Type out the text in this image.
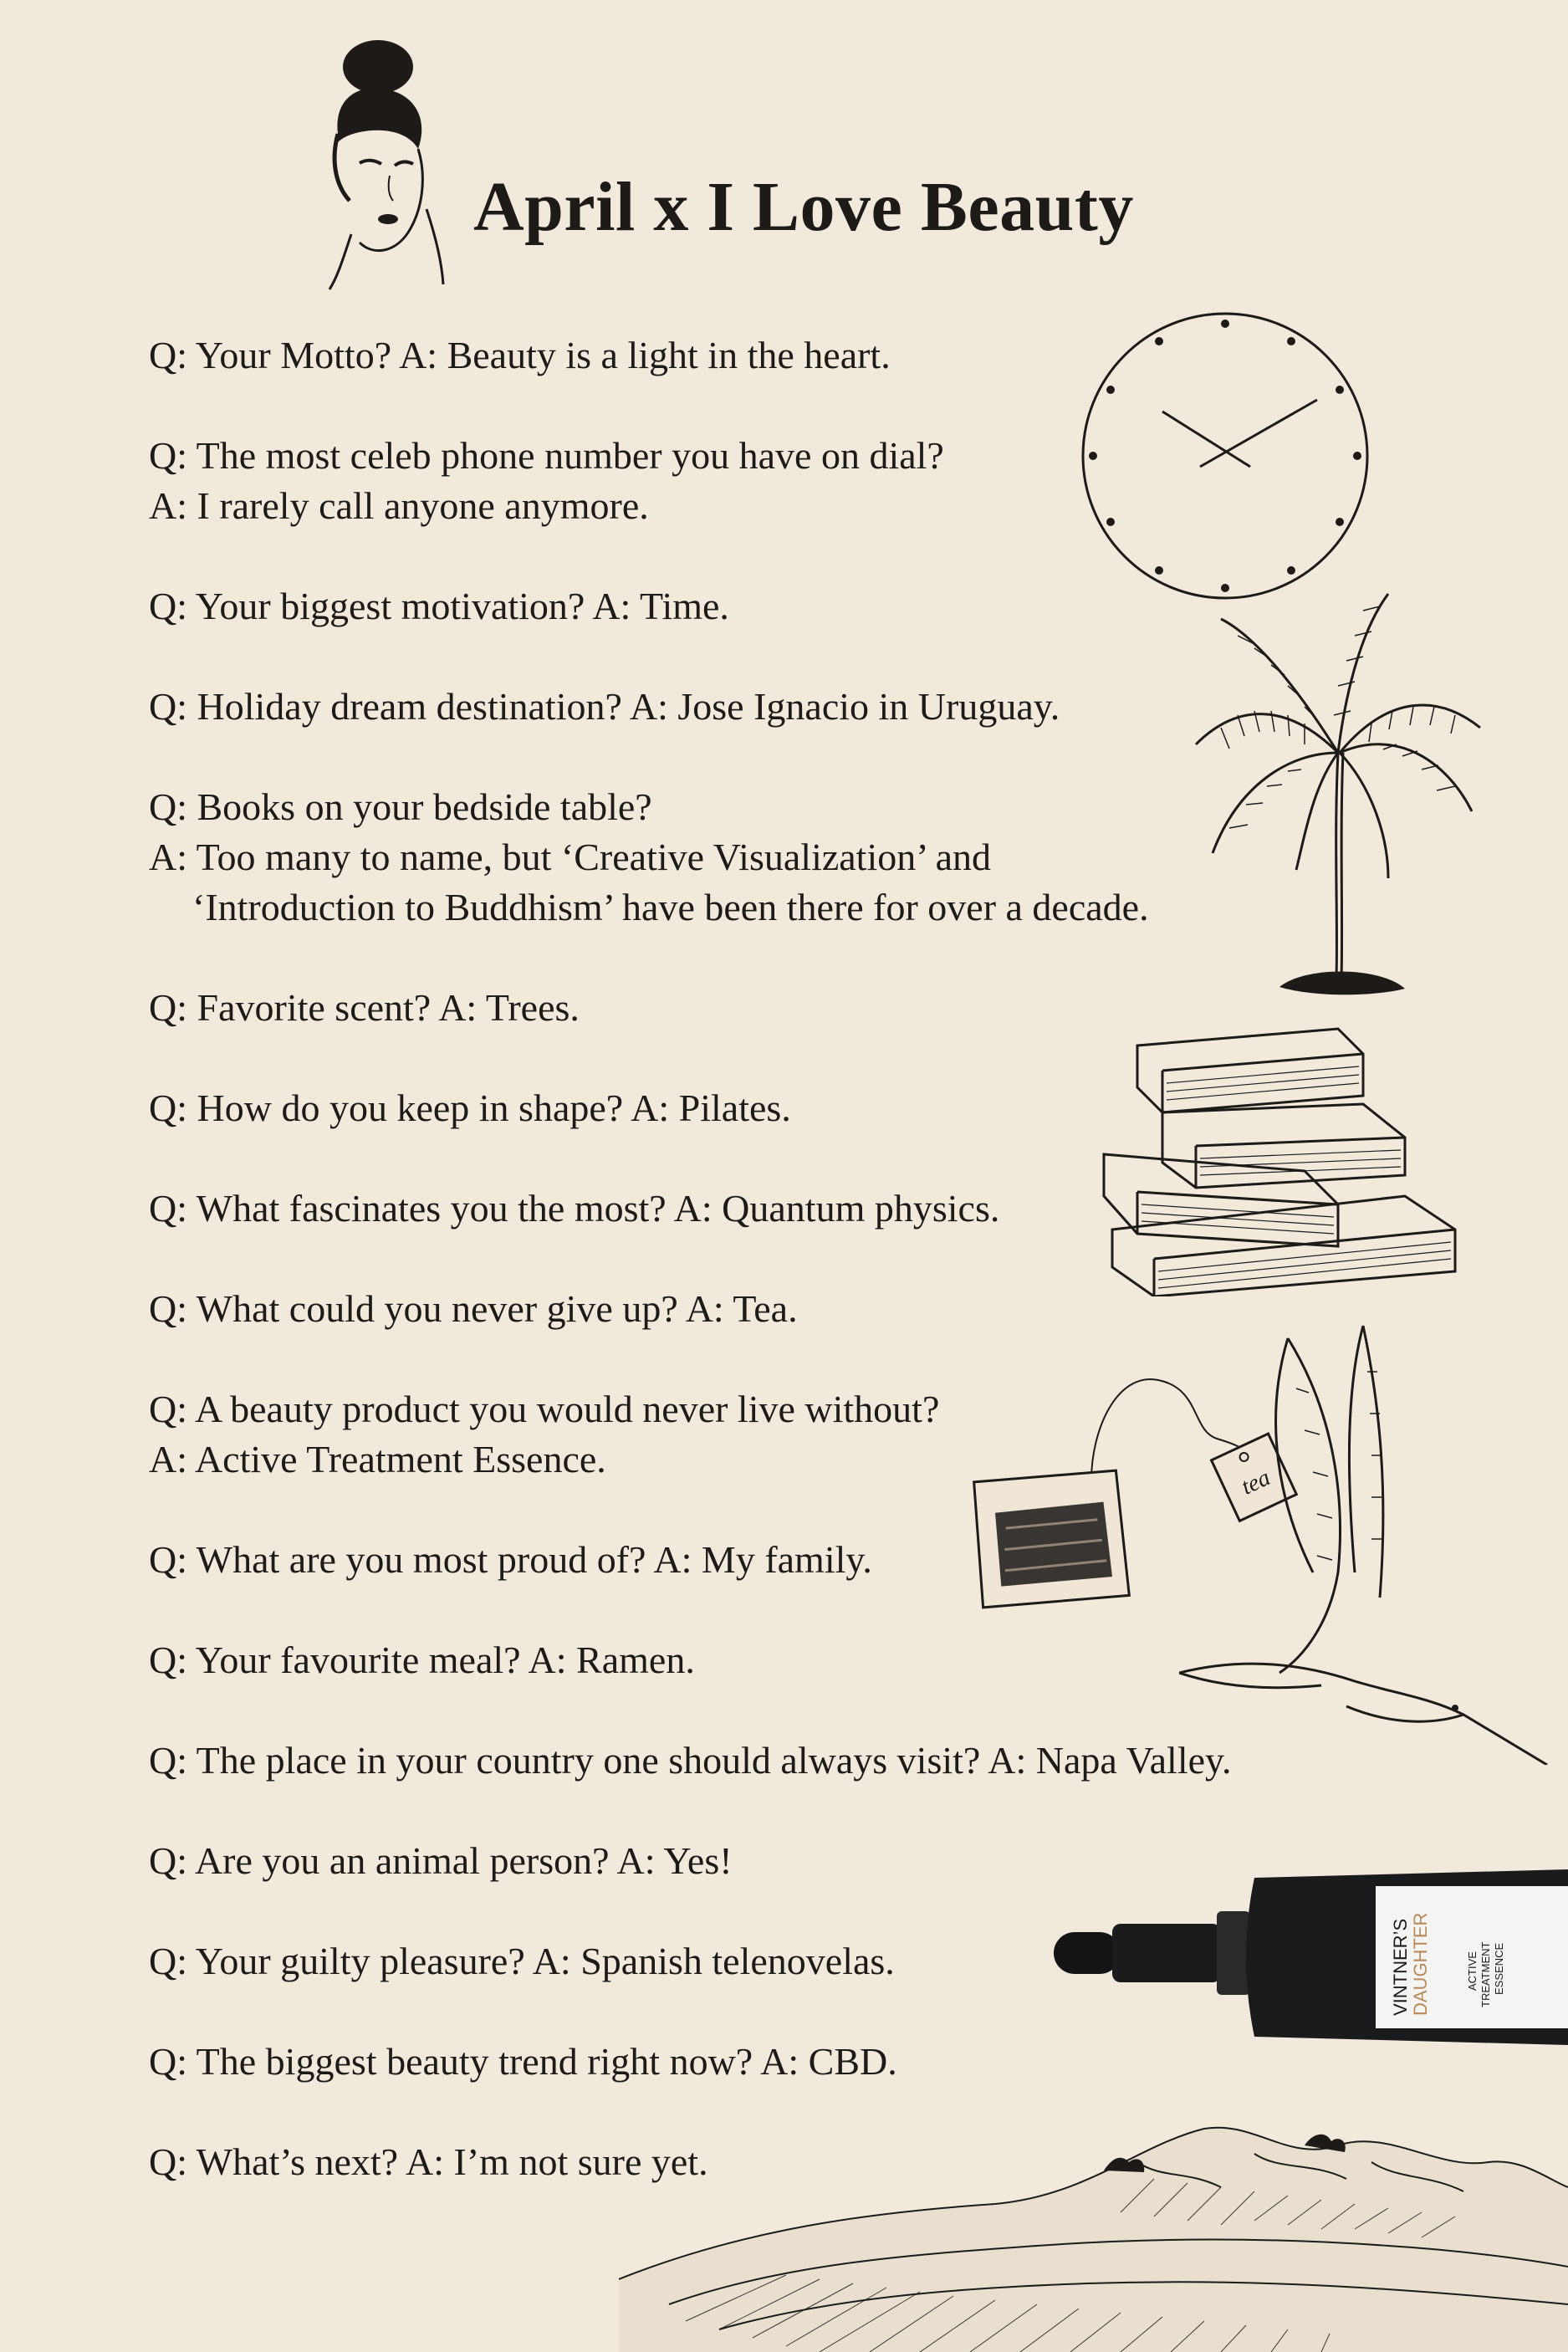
April x I Love Beauty
Q: Your Motto? A: Beauty is a light in the heart.
Q: The most celeb phone number you have on dial?
A: I rarely call anyone anymore.
Q: Your biggest motivation? A: Time.
Q: Holiday dream destination? A: Jose Ignacio in Uruguay.
Q: Books on your bedside table?
A: Too many to name, but ‘Creative Visualization’ and
‘Introduction to Buddhism’ have been there for over a decade.
Q: Favorite scent? A: Trees.
Q: How do you keep in shape? A: Pilates.
Q: What fascinates you the most? A: Quantum physics.
Q: What could you never give up? A: Tea.
Q: A beauty product you would never live without?
A: Active Treatment Essence.
Q: What are you most proud of? A: My family.
Q: Your favourite meal? A: Ramen.
Q: The place in your country one should always visit? A: Napa Valley.
Q: Are you an animal person? A: Yes!
Q: Your guilty pleasure? A: Spanish telenovelas.
Q: The biggest beauty trend right now? A: CBD.
Q: What’s next? A: I’m not sure yet.
tea
VINTNER’S DAUGHTER	ACTIVE TREATMENT ESSENCE
